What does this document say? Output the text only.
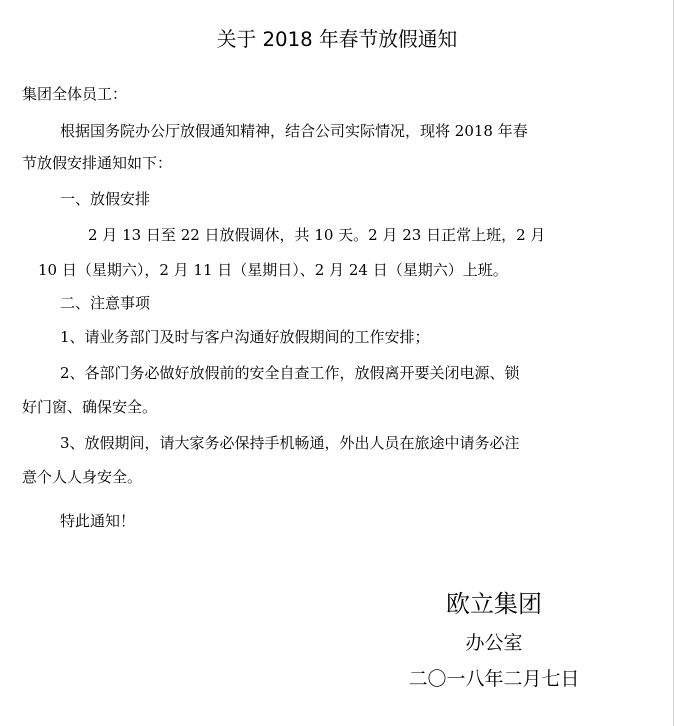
关于 2018 年春节放假通知
集团全体员工：
根据国务院办公厅放假通知精神，结合公司实际情况，现将 2018 年春
节放假安排通知如下：
一、放假安排
2 月 13 日至 22 日放假调休，共 10 天。2 月 23 日正常上班，2 月
10 日（星期六），2 月 11 日（星期日）、2 月 24 日（星期六）上班。
二、注意事项
1、请业务部门及时与客户沟通好放假期间的工作安排；
2、各部门务必做好放假前的安全自查工作，放假离开要关闭电源、锁
好门窗、确保安全。
3、放假期间，请大家务必保持手机畅通，外出人员在旅途中请务必注
意个人人身安全。
特此通知！
欧立集团
办公室
二〇一八年二月七日
